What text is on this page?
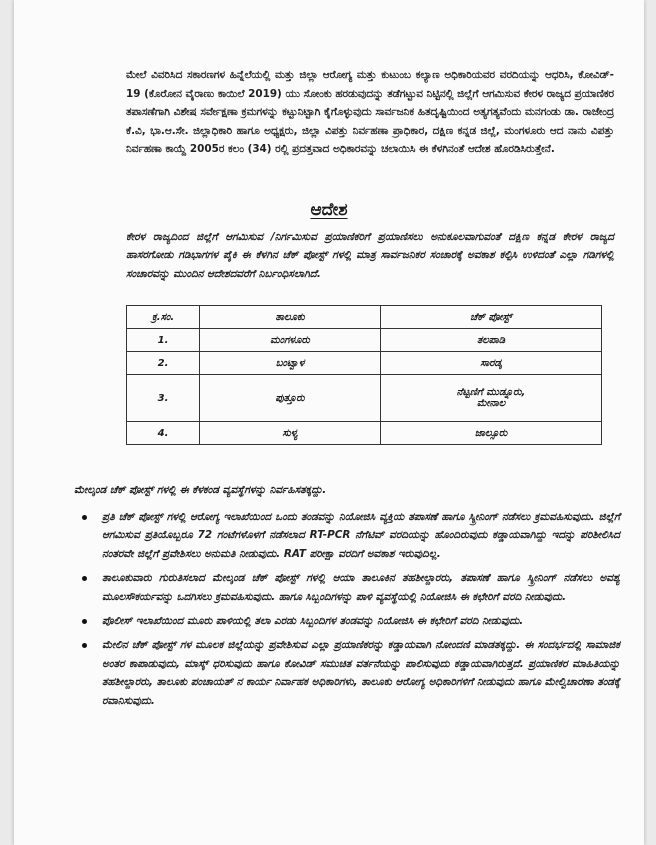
ಮೇಲೆ ವಿವರಿಸಿದ ಸಕಾರಣಗಳ ಹಿನ್ನೆಲೆಯಲ್ಲಿ ಮತ್ತು ಜಿಲ್ಲಾ ಆರೋಗ್ಯ ಮತ್ತು ಕುಟುಂಬ ಕಲ್ಯಾಣ ಅಧಿಕಾರಿಯವರ ವರದಿಯನ್ನು ಆಧರಿಸಿ, ಕೋವಿಡ್- 19 (ಕೊರೋನ ವೈರಾಣು ಕಾಯಿಲೆ 2019) ಯು ಸೋಂಕು ಹರಡುವುದನ್ನು ತಡೆಗಟ್ಟುವ ನಿಟ್ಟಿನಲ್ಲಿ ಜಿಲ್ಲೆಗೆ ಆಗಮಿಸುವ ಕೇರಳ ರಾಜ್ಯದ ಪ್ರಯಾಣಿಕರ ತಪಾಸಣೆಗಾಗಿ ವಿಶೇಷ ಸರ್ವೇಕ್ಷಣಾ ಕ್ರಮಗಳನ್ನು ಕಟ್ಟುನಿಟ್ಟಾಗಿ ಕೈಗೊಳ್ಳುವುದು ಸಾರ್ವಜನಿಕ ಹಿತದೃಷ್ಟಿಯಿಂದ ಅತ್ಯಗತ್ಯವೆಂದು ಮನಗಂಡು ಡಾ. ರಾಜೇಂದ್ರ ಕೆ.ವಿ, ಭಾ.ಆ.ಸೇ. ಜಿಲ್ಲಾಧಿಕಾರಿ ಹಾಗೂ ಅಧ್ಯಕ್ಷರು, ಜಿಲ್ಲಾ ವಿಪತ್ತು ನಿರ್ವಹಣಾ ಪ್ರಾಧಿಕಾರ, ದಕ್ಷಿಣ ಕನ್ನಡ ಜಿಲ್ಲೆ, ಮಂಗಳೂರು ಆದ ನಾನು ವಿಪತ್ತು ನಿರ್ವಹಣಾ ಕಾಯ್ದೆ 2005ರ ಕಲಂ (34) ರಲ್ಲಿ ಪ್ರದತ್ತವಾದ ಅಧಿಕಾರವನ್ನು ಚಲಾಯಿಸಿ ಈ ಕೆಳಗಿನಂತೆ ಆದೇಶ ಹೊರಡಿಸಿರುತ್ತೇನೆ.
ಆದೇಶ
ಕೇರಳ ರಾಜ್ಯದಿಂದ ಜಿಲ್ಲೆಗೆ ಆಗಮಿಸುವ /ನಿರ್ಗಮಿಸುವ ಪ್ರಯಾಣಿಕರಿಗೆ ಪ್ರಯಾಣಿಸಲು ಅನುಕೂಲವಾಗುವಂತೆ ದಕ್ಷಿಣ ಕನ್ನಡ ಕೇರಳ ರಾಜ್ಯದ ಹಾಸರಗೋಡು ಗಡಿಭಾಗಗಳ ಪೈಕಿ ಈ ಕೆಳಗಿನ ಚೆಕ್ ಪೋಸ್ಟ್ ಗಳಲ್ಲಿ ಮಾತ್ರ ಸಾರ್ವಜನಿಕರ ಸಂಚಾರಕ್ಕೆ ಅವಕಾಶ ಕಲ್ಪಿಸಿ ಉಳಿದಂತೆ ಎಲ್ಲಾ ಗಡಿಗಳಲ್ಲಿ ಸಂಚಾರವನ್ನು ಮುಂದಿನ ಆದೇಶದವರೆಗೆ ನಿರ್ಬಂಧಿಸಲಾಗಿದೆ.
ಕ್ರ.ಸಂ.	ತಾಲೂಕು	ಚೆಕ್ ಪೋಸ್ಟ್
1.	ಮಂಗಳೂರು	ತಲಪಾಡಿ
2.	ಬಂಟ್ವಾಳ	ಸಾರಡ್ಕ
3.	ಪುತ್ತೂರು	ನೆಟ್ಟಣಿಗೆ ಮುಡ್ನೂರು,
ಮೇನಾಲ

4.	ಸುಳ್ಯ	ಜಾಲ್ಸೂರು
ಮೇಲ್ಕಂಡ ಚೆಕ್ ಪೋಸ್ಟ್ ಗಳಲ್ಲಿ ಈ ಕೆಳಕಂಡ ವ್ಯವಸ್ಥೆಗಳನ್ನು ನಿರ್ವಹಿಸತಕ್ಕದ್ದು.
ಪ್ರತಿ ಚೆಕ್ ಪೋಸ್ಟ್ ಗಳಲ್ಲಿ ಆರೋಗ್ಯ ಇಲಾಖೆಯಿಂದ ಒಂದು ತಂಡವನ್ನು ನಿಯೋಜಿಸಿ ವ್ಯಕ್ತಿಯ ತಪಾಸಣೆ ಹಾಗೂ ಸ್ಕ್ರೀನಿಂಗ್ ನಡೆಸಲು ಕ್ರಮವಹಿಸುವುದು. ಜಿಲ್ಲೆಗೆ ಆಗಮಿಸುವ ಪ್ರತಿಯೊಬ್ಬರೂ 72 ಗಂಟೆಗಳೊಳಗೆ ನಡೆಸಲಾದ RT-PCR ನೆಗೆಟಿವ್ ವರದಿಯನ್ನು ಹೊಂದಿರುವುದು ಕಡ್ಡಾಯವಾಗಿದ್ದು ಇದನ್ನು ಪರಿಶೀಲಿಸಿದ ನಂತರವೇ ಜಿಲ್ಲೆಗೆ ಪ್ರವೇಶಿಸಲು ಅನುಮತಿ ನೀಡುವುದು. RAT ಪರೀಕ್ಷಾ ವರದಿಗೆ ಅವಕಾಶ ಇರುವುದಿಲ್ಲ.
ತಾಲೂಕುವಾರು ಗುರುತಿಸಲಾದ ಮೇಲ್ಕಂಡ ಚೆಕ್ ಪೋಸ್ಟ್ ಗಳಲ್ಲಿ ಆಯಾ ತಾಲೂಕಿನ ತಹಶೀಲ್ದಾರರು, ತಪಾಸಣೆ ಹಾಗೂ ಸ್ಕ್ರೀನಿಂಗ್ ನಡೆಸಲು ಅವಶ್ಯ ಮೂಲಸೌಕರ್ಯವನ್ನು ಒದಗಿಸಲು ಕ್ರಮವಹಿಸುವುದು. ಹಾಗೂ ಸಿಬ್ಬಂದಿಗಳನ್ನು ಪಾಳಿ ವ್ಯವಸ್ಥೆಯಲ್ಲಿ ನಿಯೋಜಿಸಿ ಈ ಕಛೇರಿಗೆ ವರದಿ ನೀಡುವುದು.
ಪೊಲೀಸ್ ಇಲಾಖೆಯಿಂದ ಮೂರು ಪಾಳಿಯಲ್ಲಿ ತಲಾ ಎರಡು ಸಿಬ್ಬಂದಿಗಳ ತಂಡವನ್ನು ನಿಯೋಜಿಸಿ ಈ ಕಛೇರಿಗೆ ವರದಿ ನೀಡುವುದು.
ಮೇಲಿನ ಚೆಕ್ ಪೋಸ್ಟ್ ಗಳ ಮೂಲಕ ಜಿಲ್ಲೆಯನ್ನು ಪ್ರವೇಶಿಸುವ ಎಲ್ಲಾ ಪ್ರಯಾಣಿಕರನ್ನು ಕಡ್ಡಾಯವಾಗಿ ನೋಂದಣಿ ಮಾಡತಕ್ಕದ್ದು. ಈ ಸಂದರ್ಭದಲ್ಲಿ ಸಾಮಾಜಿಕ ಅಂತರ ಕಾಪಾಡುವುದು, ಮಾಸ್ಕ್ ಧರಿಸುವುದು ಹಾಗೂ ಕೋವಿಡ್ ಸಮುಚಿತ ವರ್ತನೆಯನ್ನು ಪಾಲಿಸುವುದು ಕಡ್ಡಾಯವಾಗಿರುತ್ತದೆ. ಪ್ರಯಾಣಿಕರ ಮಾಹಿತಿಯನ್ನು ತಹಶೀಲ್ದಾರರು, ತಾಲೂಕು ಪಂಚಾಯತ್ ನ ಕಾರ್ಯ ನಿರ್ವಾಹಕ ಅಧಿಕಾರಿಗಳು, ತಾಲೂಕು ಆರೋಗ್ಯ ಅಧಿಕಾರಿಗಳಿಗೆ ನೀಡುವುದು ಹಾಗೂ ಮೇಲ್ವಿಚಾರಣಾ ತಂಡಕ್ಕೆ ರವಾನಿಸುವುದು.
